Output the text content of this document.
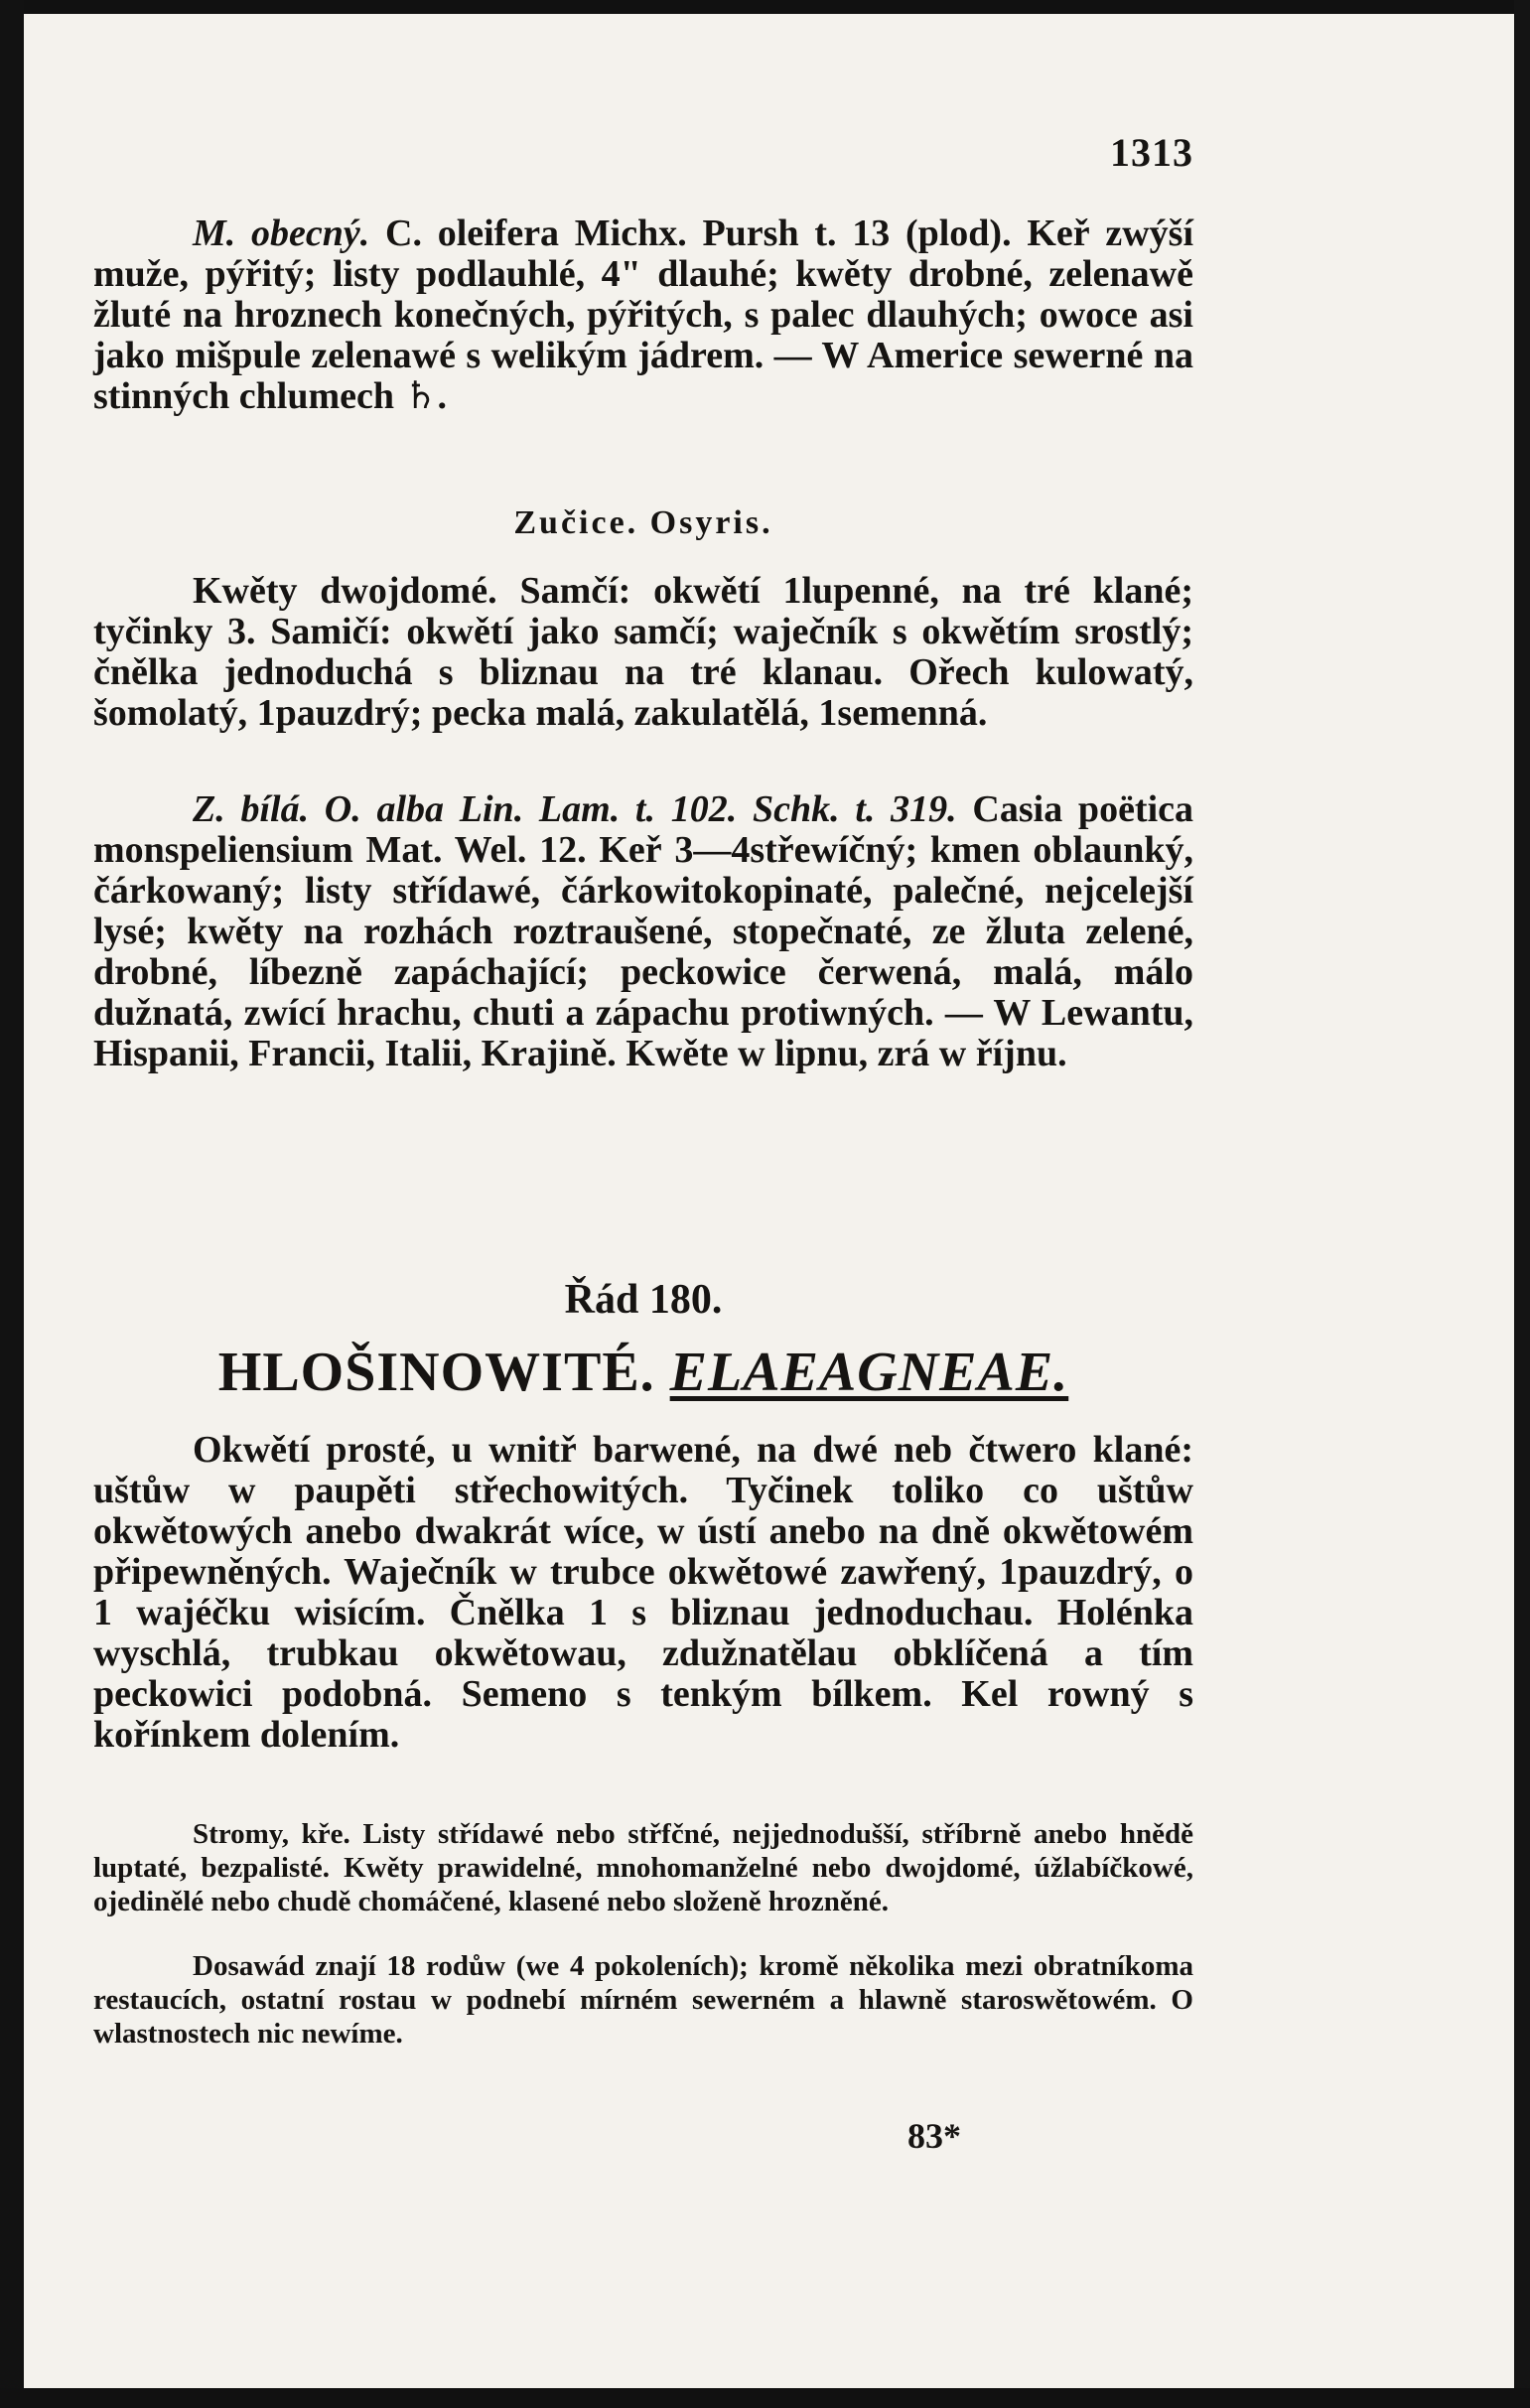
1313

M. obecný. C. oleifera Michx. Pursh t. 13 (plod). Keř zwýší muže, pýřitý; listy podlauhlé, 4" dlauhé; kwěty drobné, zelenawě žluté na hroznech konečných, pýřitých, s palec dlauhých; owoce asi jako mišpule zelenawé s welikým jádrem. — W Americe sewerné na stinných chlumech ♄.

Zučice. Osyris.

Kwěty dwojdomé. Samčí: okwětí 1lupenné, na tré klané; tyčinky 3. Samičí: okwětí jako samčí; waječník s okwětím srostlý; čnělka jednoduchá s bliznau na tré klanau. Ořech kulowatý, šomolatý, 1pauzdrý; pecka malá, zakulatělá, 1semenná.

Z. bílá. O. alba Lin. Lam. t. 102. Schk. t. 319. Casia poëtica monspeliensium Mat. Wel. 12. Keř 3—4střewíčný; kmen oblaunký, čárkowaný; listy střídawé, čárkowitokopinaté, palečné, nejcelejší lysé; kwěty na rozhách roztraušené, stopečnaté, ze žluta zelené, drobné, líbezně zapáchající; peckowice čerwená, malá, málo dužnatá, zwící hrachu, chuti a zápachu protiwných. — W Lewantu, Hispanii, Francii, Italii, Krajině. Kwěte w lipnu, zrá w říjnu.

Řád 180.
HLOŠINOWITÉ. ELAEAGNEAE.

Okwětí prosté, u wnitř barwené, na dwé neb čtwero klané: uštůw w paupěti střechowitých. Tyčinek toliko co uštůw okwětowých anebo dwakrát wíce, w ústí anebo na dně okwětowém připewněných. Waječník w trubce okwětowé zawřený, 1pauzdrý, o 1 wajéčku wisícím. Čnělka 1 s bliznau jednoduchau. Holénka wyschlá, trubkau okwětowau, zdužnatělau obklíčená a tím peckowici podobná. Semeno s tenkým bílkem. Kel rowný s kořínkem dolením.

Stromy, křе. Listy střídawé nebo střfčné, nejjednodušší, stříbrně anebo hnědě luptaté, bezpalisté. Kwěty prawidelné, mnohomanželné nebo dwojdomé, úžlabíčkowé, ojedinělé nebo chudě chomáčené, klasené nebo složeně hrozněné.

Dosawád znají 18 rodůw (we 4 pokoleních); kromě několika mezi obratníkoma restaucích, ostatní rostau w podnebí mírném sewerném a hlawně staroswětowém. O wlastnostech nic newíme.

83*
